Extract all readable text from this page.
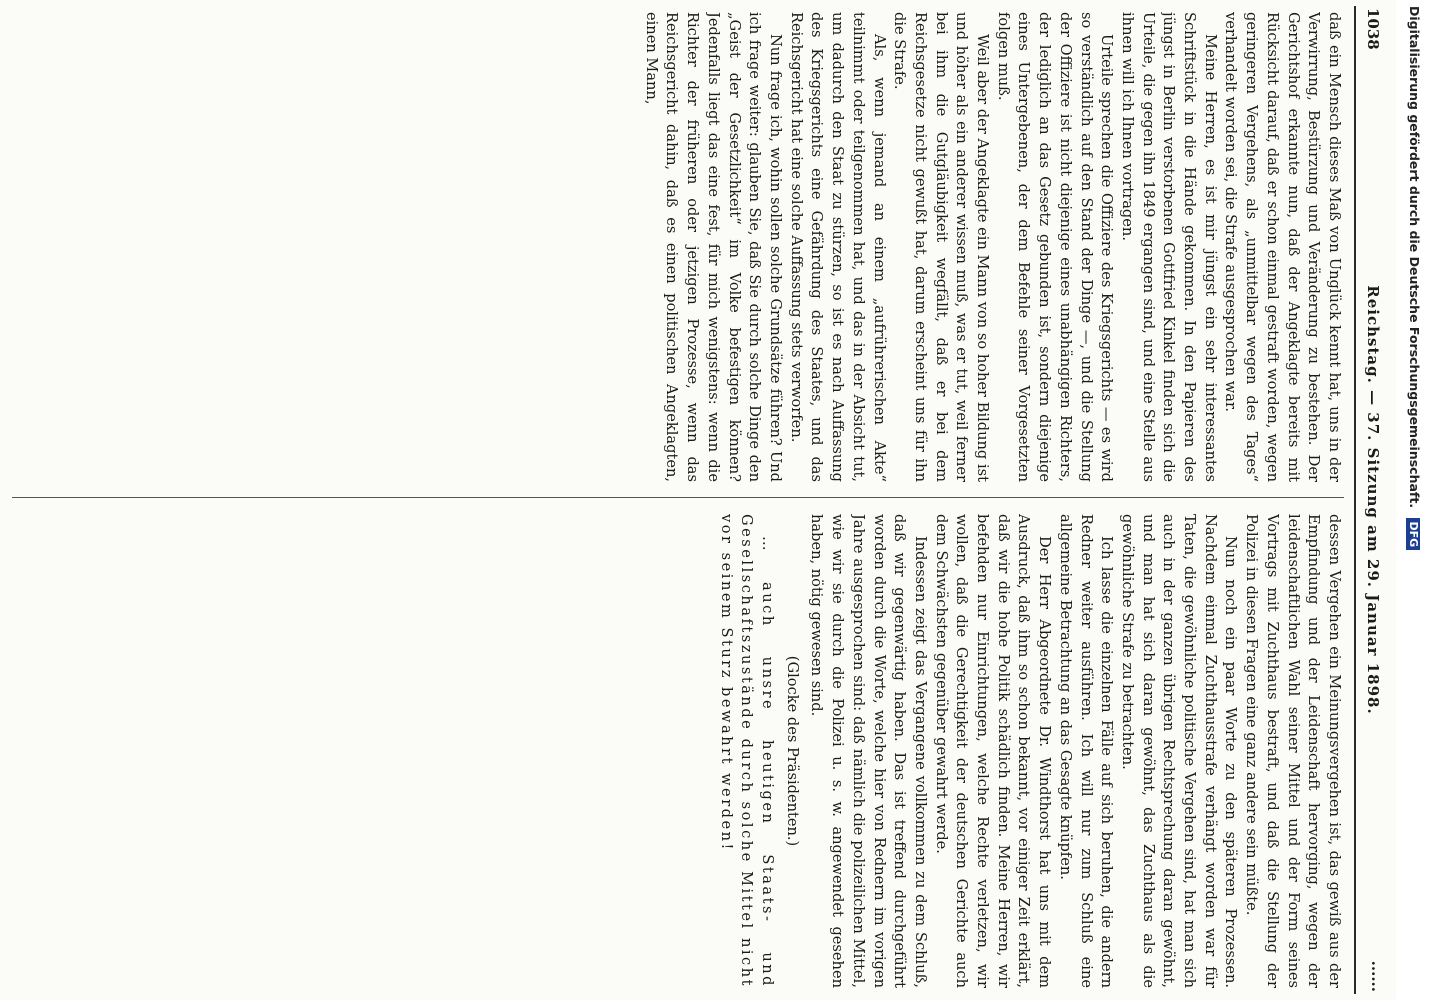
1038
Reichstag. — 37. Sitzung am 29. Januar 1898.
······

daß ein Mensch dieses Maß von Unglück kennt hat, uns in der Verwirrung, Bestürzung und Veränderung zu bestehen. Der Gerichtshof erkannte nun, daß der Angeklagte bereits mit Rücksicht darauf, daß er schon einmal gestraft worden, wegen geringeren Vergehens, als „unmittelbar wegen des Tages“ verhandelt worden sei, die Strafe ausgesprochen war.

Meine Herren, es ist mir jüngst ein sehr interessantes Schriftstück in die Hände gekommen. In den Papieren des jüngst in Berlin verstorbenen Gottfried Kinkel finden sich die Urteile, die gegen ihn 1849 ergangen sind, und eine Stelle aus ihnen will ich Ihnen vortragen.

Urteile sprechen die Offiziere des Kriegsgerichts — es wird so verständlich auf den Stand der Dinge —, und die Stellung der Offiziere ist nicht diejenige eines unabhängigen Richters, der lediglich an das Gesetz gebunden ist, sondern diejenige eines Untergebenen, der dem Befehle seiner Vorgesetzten folgen muß.

Weil aber der Angeklagte ein Mann von so hoher Bildung ist und höher als ein anderer wissen muß, was er tut, weil ferner bei ihm die Gutgläubigkeit wegfällt, daß er bei dem Reichsgesetze nicht gewußt hat, darum erscheint uns für ihn die Strafe.

Als, wenn jemand an einem „aufrührerischen Akte“ teilnimmt oder teilgenommen hat, und das in der Absicht tut, um dadurch den Staat zu stürzen, so ist es nach Auffassung des Kriegsgerichts eine Gefährdung des Staates, und das Reichsgericht hat eine solche Auffassung stets verworfen.

Nun frage ich, wohin sollen solche Grundsätze führen? Und ich frage weiter: glauben Sie, daß Sie durch solche Dinge den „Geist der Gesetzlichkeit“ im Volke befestigen können? Jedenfalls liegt das eine fest, für mich wenigstens: wenn die Richter der früheren oder jetzigen Prozesse, wenn das Reichsgericht dahin, daß es einen politischen Angeklagten, einen Mann,

dessen Vergehen ein Meinungsvergehen ist, das gewiß aus der Empfindung und der Leidenschaft hervorging, wegen der leidenschaftlichen Wahl seiner Mittel und der Form seines Vortrags mit Zuchthaus bestraft, und daß die Stellung der Polizei in diesen Fragen eine ganz andere sein müßte.

Nun noch ein paar Worte zu den späteren Prozessen. Nachdem einmal Zuchthausstrafe verhängt worden war für Taten, die gewöhnliche politische Vergehen sind, hat man sich auch in der ganzen übrigen Rechtsprechung daran gewöhnt, und man hat sich daran gewöhnt, das Zuchthaus als die gewöhnliche Strafe zu betrachten.

Ich lasse die einzelnen Fälle auf sich beruhen, die andern Redner weiter ausführen. Ich will nur zum Schluß eine allgemeine Betrachtung an das Gesagte knüpfen.

Der Herr Abgeordnete Dr. Windthorst hat uns mit dem Ausdruck, daß ihm so schon bekannt, vor einiger Zeit erklärt, daß wir die hohe Politik schädlich finden. Meine Herren, wir befehden nur Einrichtungen, welche Rechte verletzen, wir wollen, daß die Gerechtigkeit der deutschen Gerichte auch dem Schwächsten gegenüber gewahrt werde.

Indessen zeigt das Vergangene vollkommen zu dem Schluß, daß wir gegenwärtig haben. Das ist treffend durchgeführt worden durch die Worte, welche hier von Rednern im vorigen Jahre ausgesprochen sind: daß nämlich die polizeilichen Mittel, wie wir sie durch die Polizei u. s. w. angewendet gesehen haben, nötig gewesen sind.

(Glocke des Präsidenten.)

… auch unsre heutigen Staats- und Gesellschaftszustände durch solche Mittel nicht vor seinem Sturz bewahrt werden!

Digitalisierung gefördert durch die Deutsche Forschungsgemeinschaft. DFG
